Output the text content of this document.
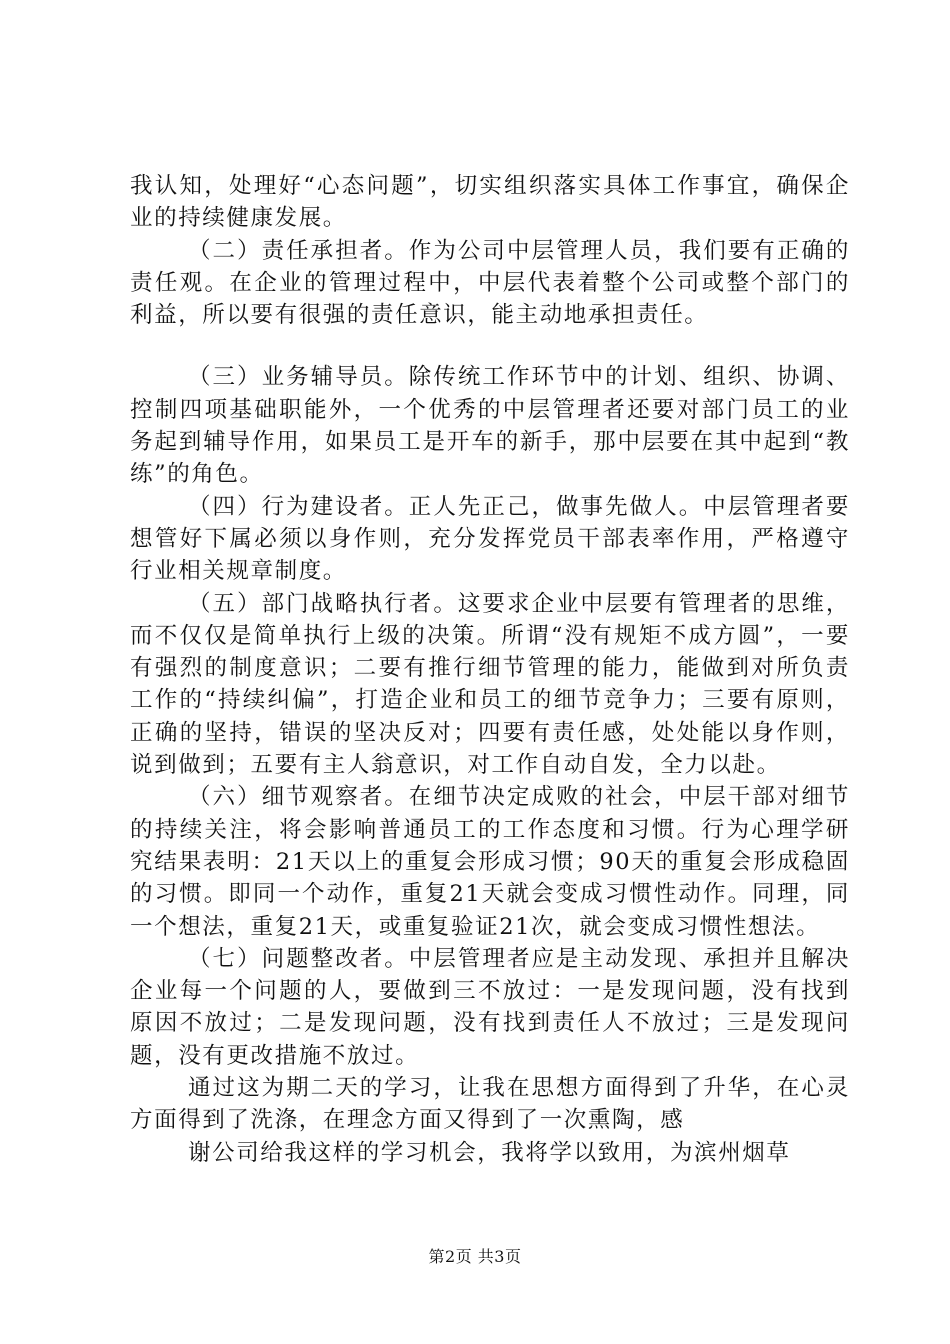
我认知，处理好“心态问题”，切实组织落实具体工作事宜，确保企业的持续健康发展。

（二）责任承担者。作为公司中层管理人员，我们要有正确的责任观。在企业的管理过程中，中层代表着整个公司或整个部门的利益，所以要有很强的责任意识，能主动地承担责任。

（三）业务辅导员。除传统工作环节中的计划、组织、协调、控制四项基础职能外，一个优秀的中层管理者还要对部门员工的业务起到辅导作用，如果员工是开车的新手，那中层要在其中起到“教练”的角色。

（四）行为建设者。正人先正己，做事先做人。中层管理者要想管好下属必须以身作则，充分发挥党员干部表率作用，严格遵守行业相关规章制度。

（五）部门战略执行者。这要求企业中层要有管理者的思维，而不仅仅是简单执行上级的决策。所谓“没有规矩不成方圆”，一要有强烈的制度意识；二要有推行细节管理的能力，能做到对所负责工作的“持续纠偏”，打造企业和员工的细节竞争力；三要有原则，正确的坚持，错误的坚决反对；四要有责任感，处处能以身作则，说到做到；五要有主人翁意识，对工作自动自发，全力以赴。

（六）细节观察者。在细节决定成败的社会，中层干部对细节的持续关注，将会影响普通员工的工作态度和习惯。行为心理学研究结果表明：21天以上的重复会形成习惯；90天的重复会形成稳固的习惯。即同一个动作，重复21天就会变成习惯性动作。同理，同一个想法，重复21天，或重复验证21次，就会变成习惯性想法。

（七）问题整改者。中层管理者应是主动发现、承担并且解决企业每一个问题的人，要做到三不放过：一是发现问题，没有找到原因不放过；二是发现问题，没有找到责任人不放过；三是发现问题，没有更改措施不放过。

通过这为期二天的学习，让我在思想方面得到了升华，在心灵方面得到了洗涤，在理念方面又得到了一次熏陶，感

谢公司给我这样的学习机会，我将学以致用，为滨州烟草

第2页 共3页
